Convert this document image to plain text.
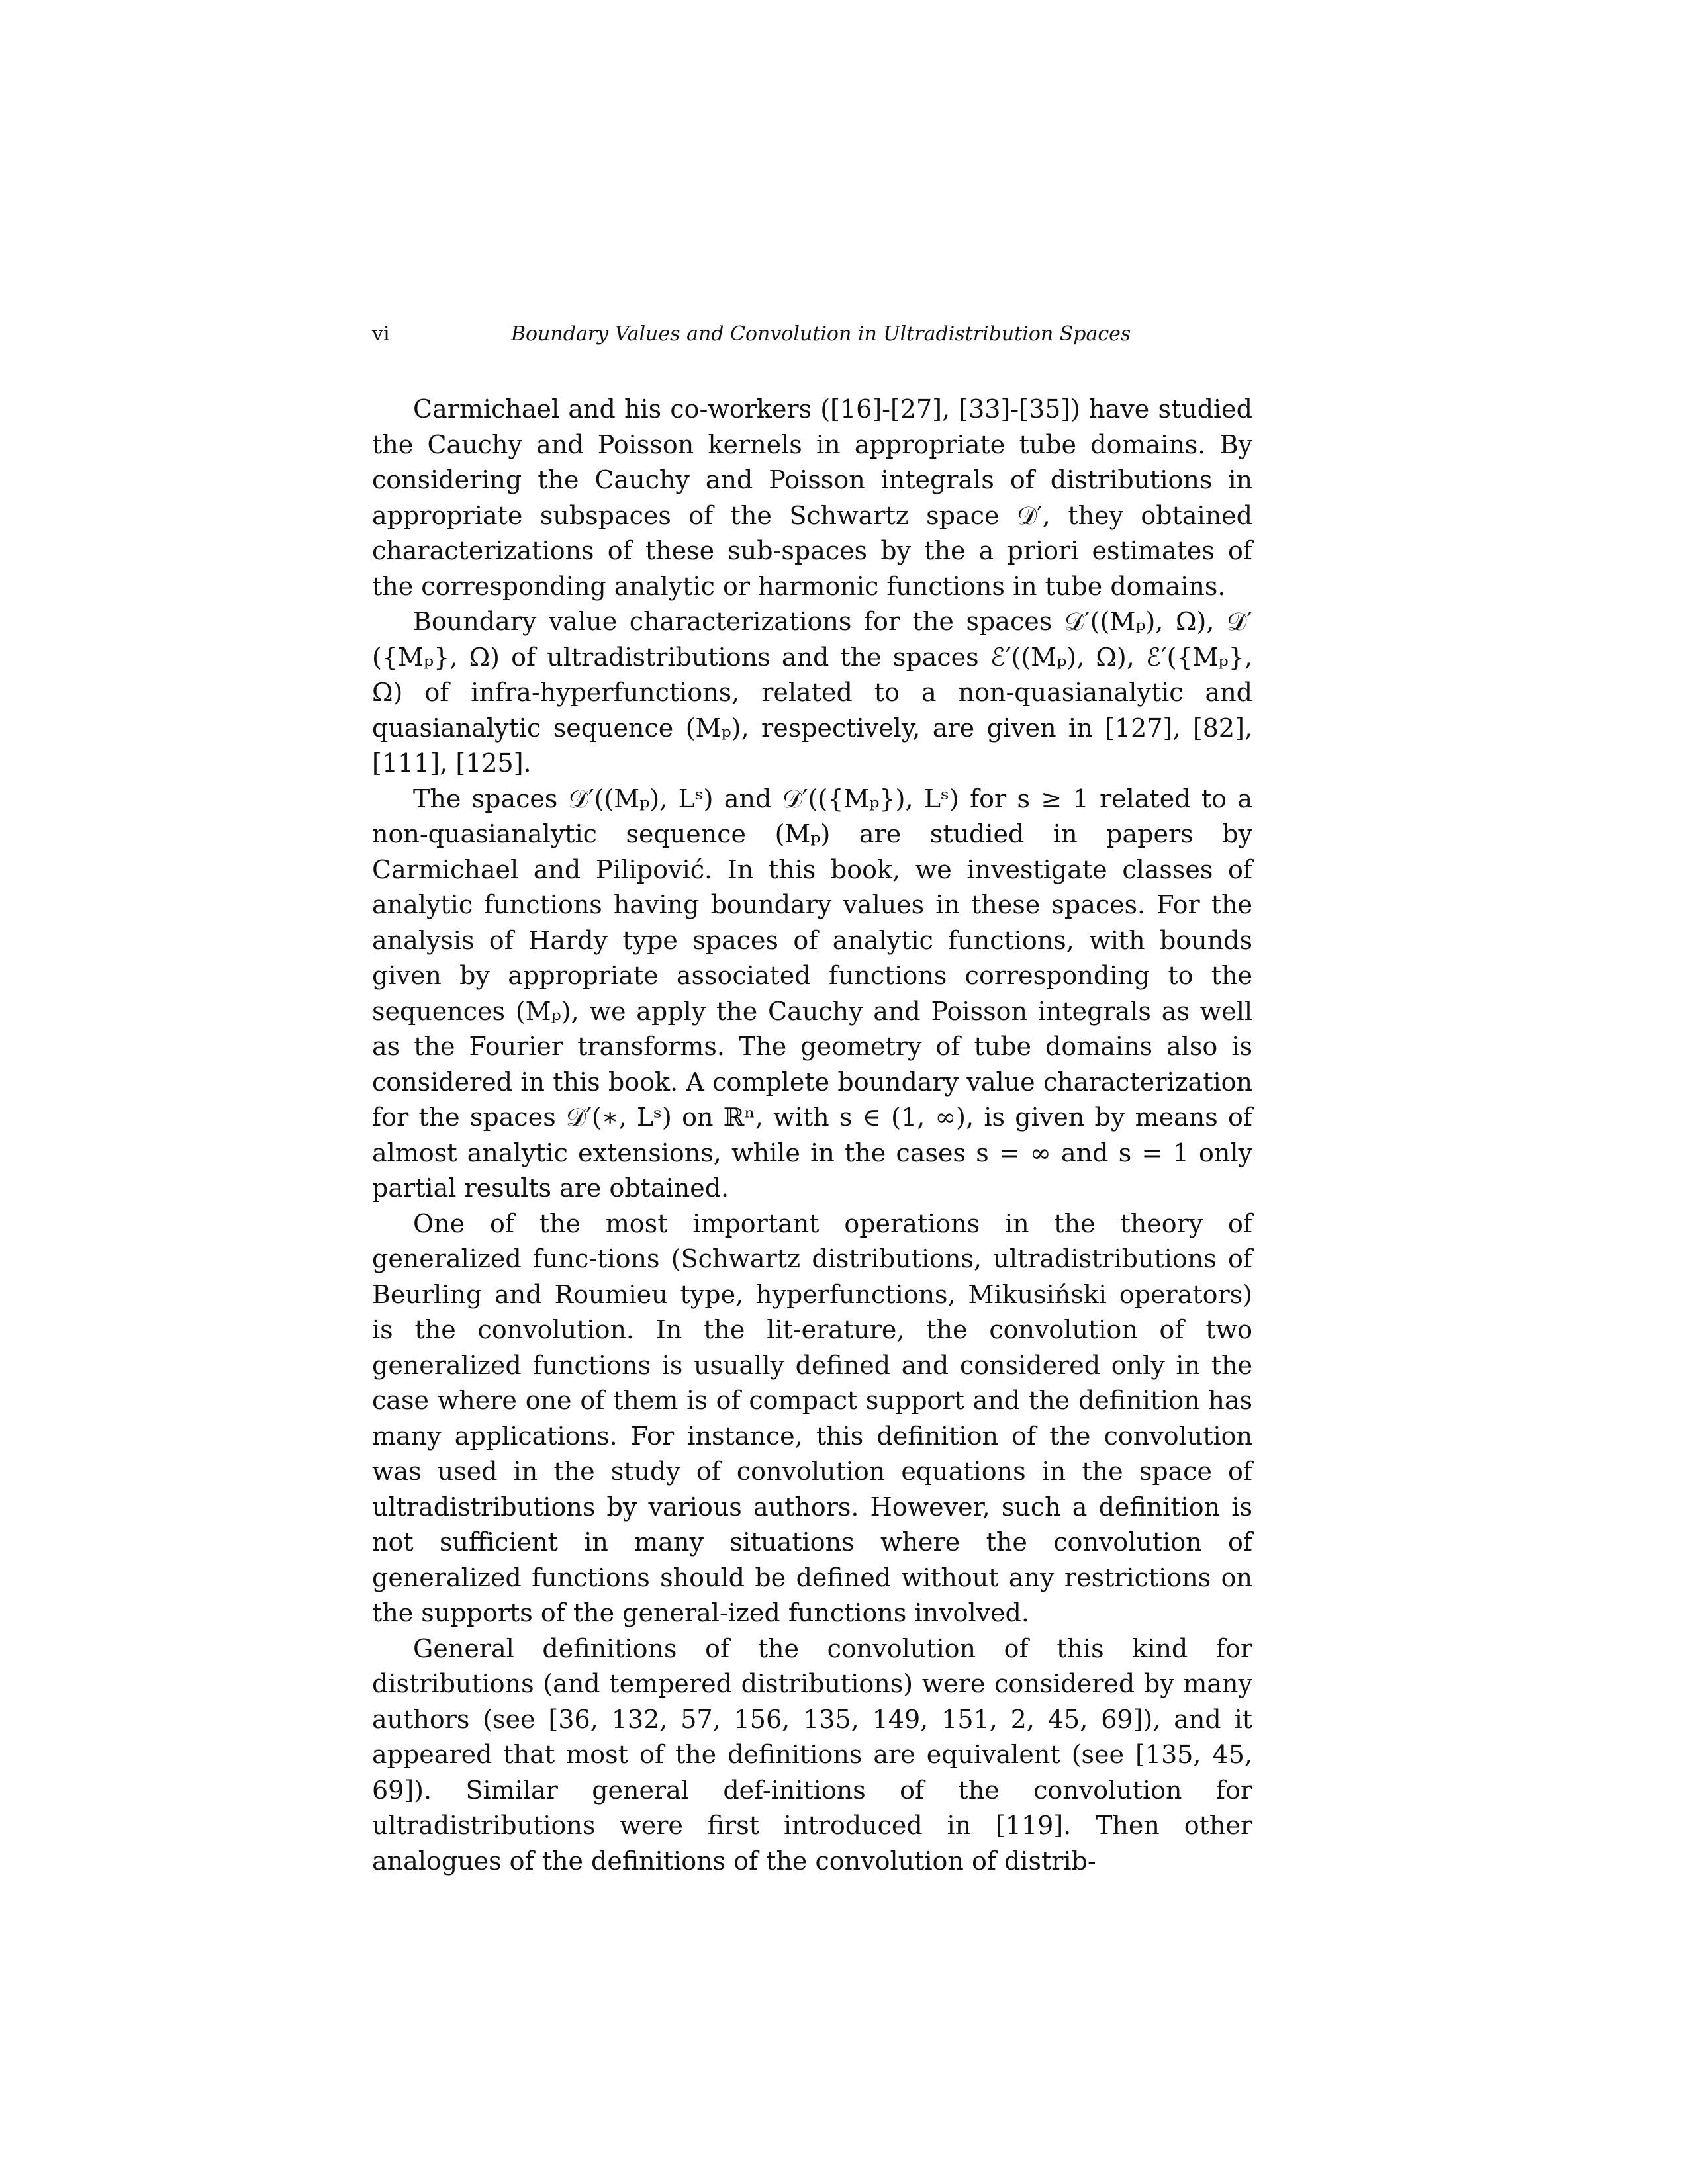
vi	Boundary Values and Convolution in Ultradistribution Spaces

Carmichael and his co-workers ([16]-[27], [33]-[35]) have studied the Cauchy and Poisson kernels in appropriate tube domains. By considering the Cauchy and Poisson integrals of distributions in appropriate subspaces of the Schwartz space 𝒟′, they obtained characterizations of these sub-spaces by the a priori estimates of the corresponding analytic or harmonic functions in tube domains.

Boundary value characterizations for the spaces 𝒟′((Mₚ), Ω), 𝒟′({Mₚ}, Ω) of ultradistributions and the spaces ℰ′((Mₚ), Ω), ℰ′({Mₚ}, Ω) of infra-hyperfunctions, related to a non-quasianalytic and quasianalytic sequence (Mₚ), respectively, are given in [127], [82], [111], [125].

The spaces 𝒟′((Mₚ), Lˢ) and 𝒟′(({Mₚ}), Lˢ) for s ≥ 1 related to a non-quasianalytic sequence (Mₚ) are studied in papers by Carmichael and Pilipović. In this book, we investigate classes of analytic functions having boundary values in these spaces. For the analysis of Hardy type spaces of analytic functions, with bounds given by appropriate associated functions corresponding to the sequences (Mₚ), we apply the Cauchy and Poisson integrals as well as the Fourier transforms. The geometry of tube domains also is considered in this book. A complete boundary value characterization for the spaces 𝒟′(∗, Lˢ) on ℝⁿ, with s ∈ (1, ∞), is given by means of almost analytic extensions, while in the cases s = ∞ and s = 1 only partial results are obtained.

One of the most important operations in the theory of generalized func-tions (Schwartz distributions, ultradistributions of Beurling and Roumieu type, hyperfunctions, Mikusiński operators) is the convolution. In the lit-erature, the convolution of two generalized functions is usually defined and considered only in the case where one of them is of compact support and the definition has many applications. For instance, this definition of the convolution was used in the study of convolution equations in the space of ultradistributions by various authors. However, such a definition is not sufficient in many situations where the convolution of generalized functions should be defined without any restrictions on the supports of the general-ized functions involved.

General definitions of the convolution of this kind for distributions (and tempered distributions) were considered by many authors (see [36, 132, 57, 156, 135, 149, 151, 2, 45, 69]), and it appeared that most of the definitions are equivalent (see [135, 45, 69]). Similar general def-initions of the convolution for ultradistributions were first introduced in [119]. Then other analogues of the definitions of the convolution of distrib-
